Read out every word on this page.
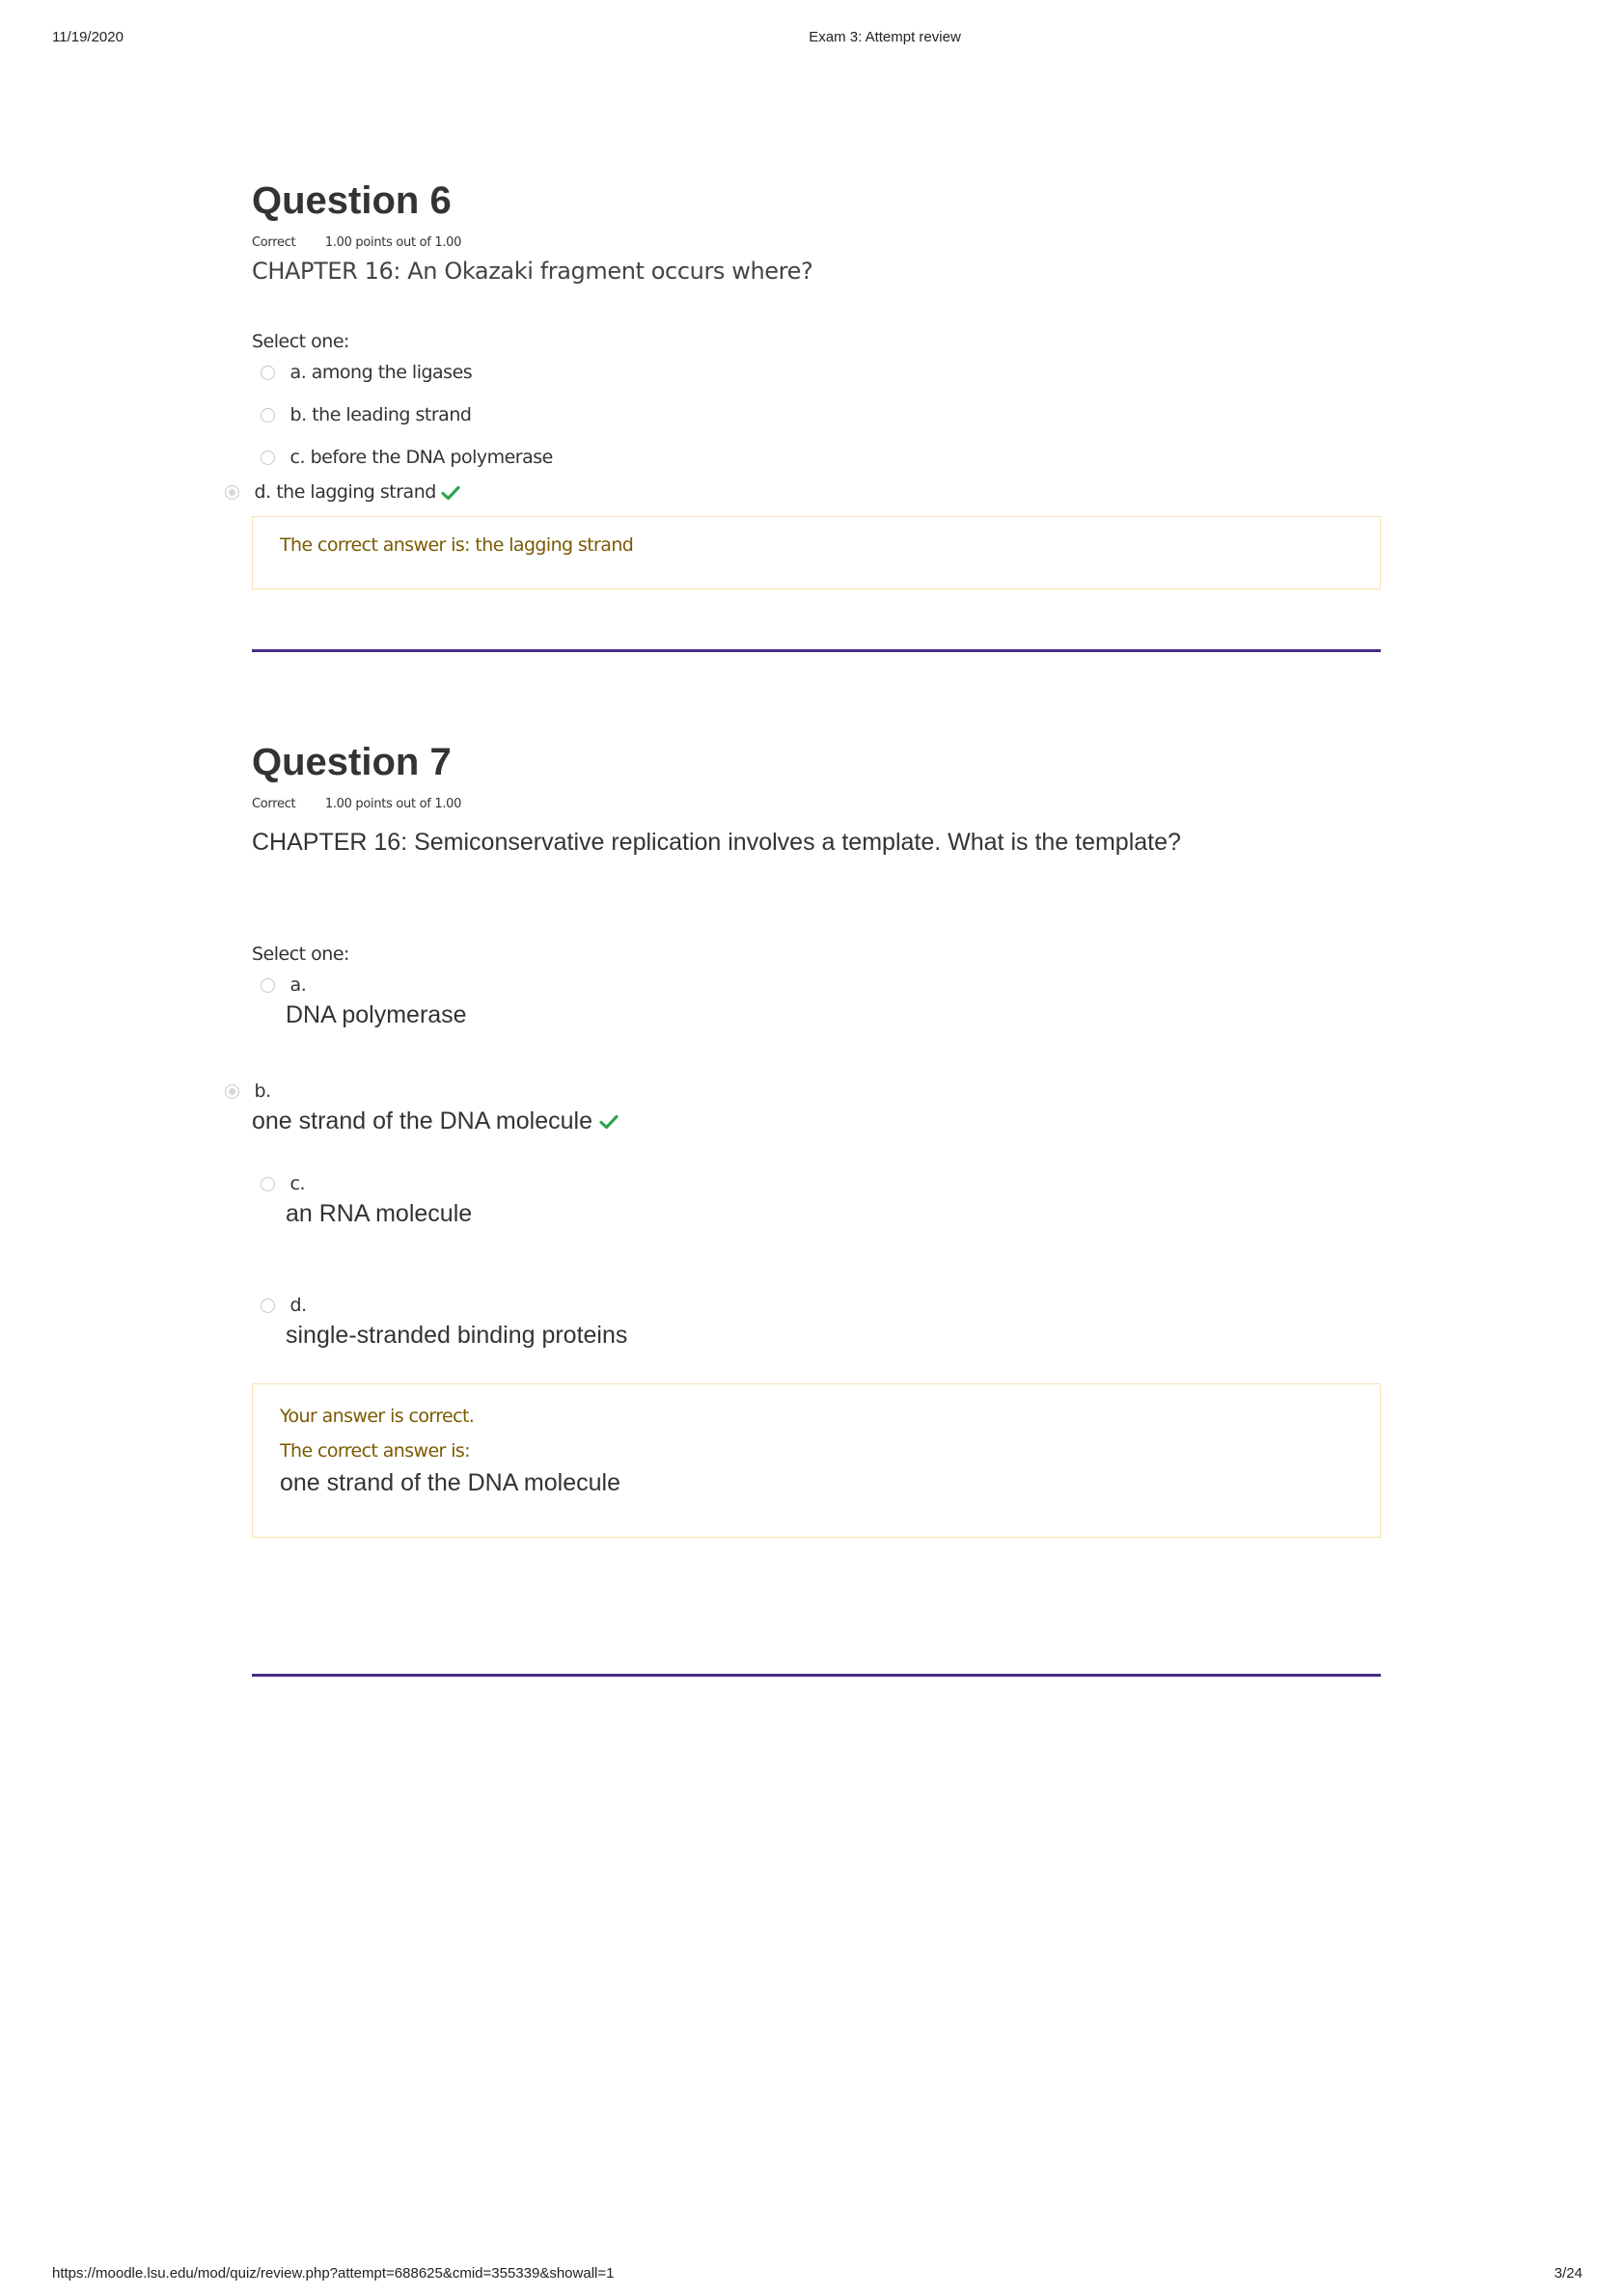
11/19/2020	Exam 3: Attempt review
Question 6
Correct 1.00 points out of 1.00
CHAPTER 16: An Okazaki fragment occurs where?
Select one:
a. among the ligases
b. the leading strand
c. before the DNA polymerase
d. the lagging strand
The correct answer is: the lagging strand
Question 7
Correct 1.00 points out of 1.00
CHAPTER 16: Semiconservative replication involves a template. What is the template?
Select one:
a.
DNA polymerase
b.
one strand of the DNA molecule
c.
an RNA molecule
d.
single-stranded binding proteins
Your answer is correct.
The correct answer is:
one strand of the DNA molecule
https://moodle.lsu.edu/mod/quiz/review.php?attempt=688625&cmid=355339&showall=1	3/24
